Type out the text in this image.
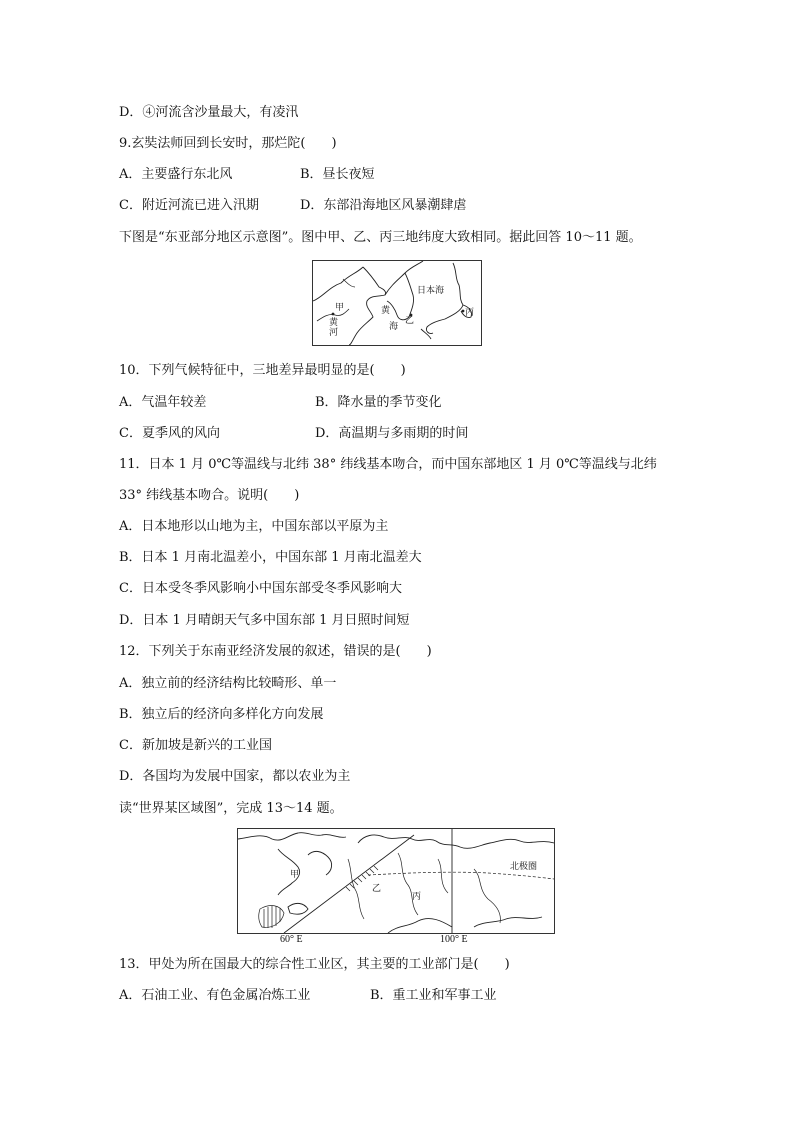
D．④河流含沙量最大，有凌汛
9.玄奘法师回到长安时，那烂陀(　　)
A．主要盛行东北风	B．昼长夜短
C．附近河流已进入汛期	D．东部沿海地区风暴潮肆虐
下图是“东亚部分地区示意图”。图中甲、乙、丙三地纬度大致相同。据此回答 10～11 题。
甲
黄
河
黄
海
乙
日本海
丙
10．下列气候特征中，三地差异最明显的是(　　)
A．气温年较差	B．降水量的季节变化
C．夏季风的风向	D．高温期与多雨期的时间
11．日本 1 月 0℃等温线与北纬 38° 纬线基本吻合，而中国东部地区 1 月 0℃等温线与北纬
33° 纬线基本吻合。说明(　　)
A．日本地形以山地为主，中国东部以平原为主
B．日本 1 月南北温差小，中国东部 1 月南北温差大
C．日本受冬季风影响小中国东部受冬季风影响大
D．日本 1 月晴朗天气多中国东部 1 月日照时间短
12．下列关于东南亚经济发展的叙述，错误的是(　　)
A．独立前的经济结构比较畸形、单一
B．独立后的经济向多样化方向发展
C．新加坡是新兴的工业国
D．各国均为发展中国家，都以农业为主
读“世界某区域图”，完成 13～14 题。
甲
乙
丙
北极圈
60° E	100° E
13．甲处为所在国最大的综合性工业区，其主要的工业部门是(　　)
A．石油工业、有色金属冶炼工业	B．重工业和军事工业
